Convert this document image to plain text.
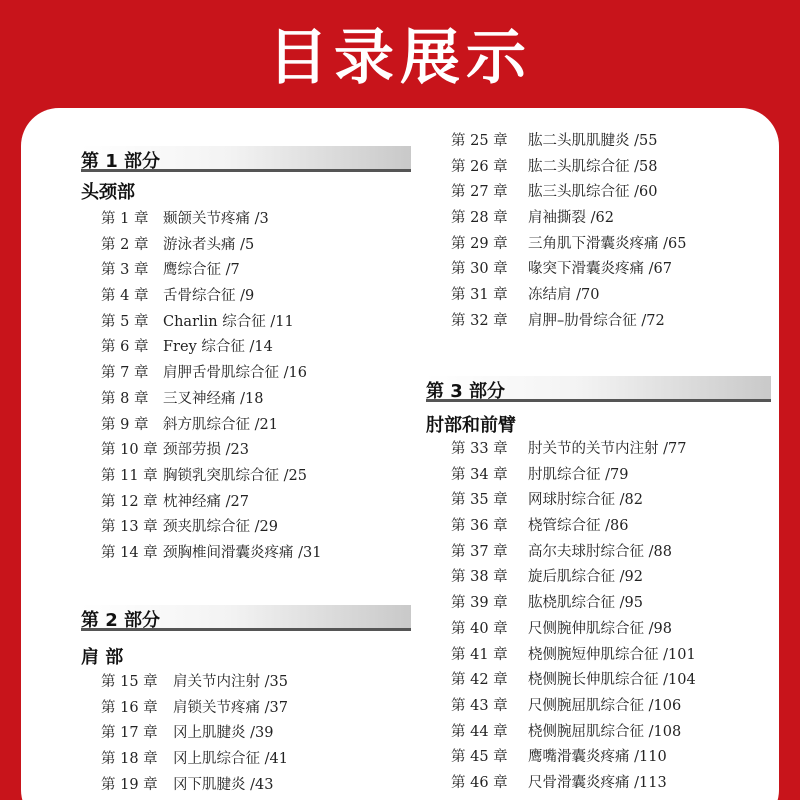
目录展示
第 1 部分
头颈部
第 1 章 颞颌关节疼痛 /3
第 2 章 游泳者头痛 /5
第 3 章 鹰综合征 /7
第 4 章 舌骨综合征 /9
第 5 章 Charlin 综合征 /11
第 6 章 Frey 综合征 /14
第 7 章 肩胛舌骨肌综合征 /16
第 8 章 三叉神经痛 /18
第 9 章 斜方肌综合征 /21
第 10 章 颈部劳损 /23
第 11 章 胸锁乳突肌综合征 /25
第 12 章 枕神经痛 /27
第 13 章 颈夹肌综合征 /29
第 14 章 颈胸椎间滑囊炎疼痛 /31
第 2 部分
肩 部
第 15 章 肩关节内注射 /35
第 16 章 肩锁关节疼痛 /37
第 17 章 冈上肌腱炎 /39
第 18 章 冈上肌综合征 /41
第 19 章 冈下肌腱炎 /43
第 25 章 肱二头肌肌腱炎 /55
第 26 章 肱二头肌综合征 /58
第 27 章 肱三头肌综合征 /60
第 28 章 肩袖撕裂 /62
第 29 章 三角肌下滑囊炎疼痛 /65
第 30 章 喙突下滑囊炎疼痛 /67
第 31 章 冻结肩 /70
第 32 章 肩胛–肋骨综合征 /72
第 3 部分
肘部和前臂
第 33 章 肘关节的关节内注射 /77
第 34 章 肘肌综合征 /79
第 35 章 网球肘综合征 /82
第 36 章 桡管综合征 /86
第 37 章 高尔夫球肘综合征 /88
第 38 章 旋后肌综合征 /92
第 39 章 肱桡肌综合征 /95
第 40 章 尺侧腕伸肌综合征 /98
第 41 章 桡侧腕短伸肌综合征 /101
第 42 章 桡侧腕长伸肌综合征 /104
第 43 章 尺侧腕屈肌综合征 /106
第 44 章 桡侧腕屈肌综合征 /108
第 45 章 鹰嘴滑囊炎疼痛 /110
第 46 章 尺骨滑囊炎疼痛 /113
